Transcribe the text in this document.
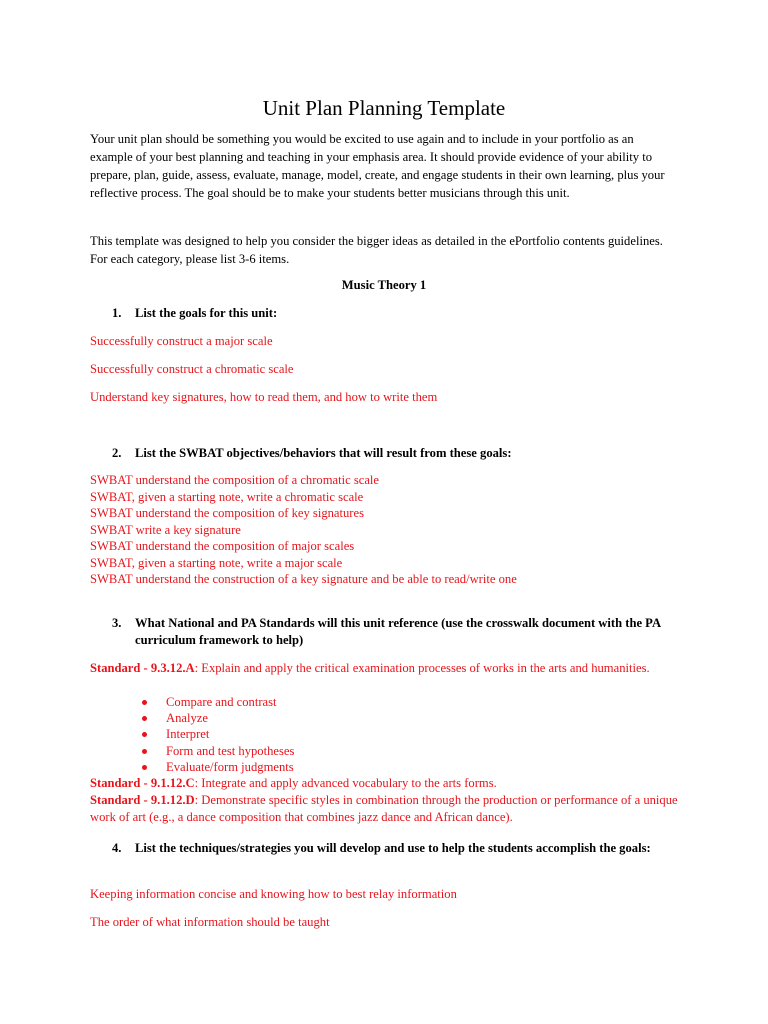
Unit Plan Planning Template

Your unit plan should be something you would be excited to use again and to include in your portfolio as an example of your best planning and teaching in your emphasis area. It should provide evidence of your ability to prepare, plan, guide, assess, evaluate, manage, model, create, and engage students in their own learning, plus your reflective process. The goal should be to make your students better musicians through this unit.

This template was designed to help you consider the bigger ideas as detailed in the ePortfolio contents guidelines. For each category, please list 3-6 items.

Music Theory 1
1.	List the goals for this unit:
Successfully construct a major scale
Successfully construct a chromatic scale
Understand key signatures, how to read them, and how to write them
2.	List the SWBAT objectives/behaviors that will result from these goals:
SWBAT understand the composition of a chromatic scale
SWBAT, given a starting note, write a chromatic scale
SWBAT understand the composition of key signatures
SWBAT write a key signature
SWBAT understand the composition of major scales
SWBAT, given a starting note, write a major scale
SWBAT understand the construction of a key signature and be able to read/write one
3.	What National and PA Standards will this unit reference (use the crosswalk document with the PA curriculum framework to help)
Standard - 9.3.12.A: Explain and apply the critical examination processes of works in the arts and humanities.
Compare and contrast
Analyze
Interpret
Form and test hypotheses
Evaluate/form judgments
Standard - 9.1.12.C: Integrate and apply advanced vocabulary to the arts forms.
Standard - 9.1.12.D: Demonstrate specific styles in combination through the production or performance of a unique work of art (e.g., a dance composition that combines jazz dance and African dance).
4.	List the techniques/strategies you will develop and use to help the students accomplish the goals:
Keeping information concise and knowing how to best relay information
The order of what information should be taught
